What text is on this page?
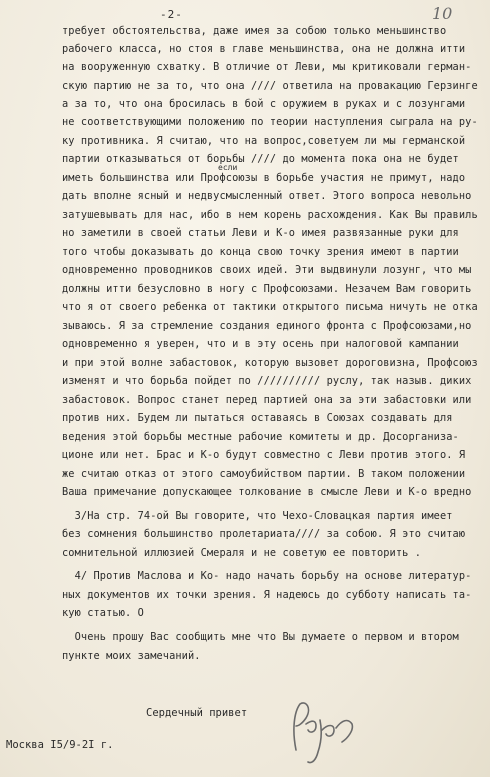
-2-	10
если
требует обстоятельства, даже имея за собою только меньшинство
рабочего класса, но стоя в главе меньшинства, она не должна итти
на вооруженную схватку. В отличие от Леви, мы критиковали герман-
скую партию не за то, что она //// ответила на провакацию Герзинге
а за то, что она бросилась в бой с оружием в руках и с лозунгами
не соответствующими положению по теории наступления сыграла на ру-
ку противника. Я считаю, что на вопрос,советуем ли мы германской
партии отказываться от борьбы //// до момента пока она не будет
иметь большинства или Профсоюзы в борьбе участия не примут, надо
дать вполне ясный и недвусмысленный ответ. Этого вопроса невольно
затушевывать для нас, ибо в нем корень расхождения. Как Вы правиль
но заметили в своей статьи Леви и К-о имея развязанные руки для
того чтобы доказывать до конца свою точку зрения имеют в партии
одновременно проводников своих идей. Эти выдвинули лозунг, что мы
должны итти безусловно в ногу с Профсоюзами. Незачем Вам говорить
что я от своего ребенка от тактики открытого письма ничуть не отка
зываюсь. Я за стремление создания единого фронта с Профсоюзами,но
одновременно я уверен, что и в эту осень при налоговой кампании
и при этой волне забастовок, которую вызовет дороговизна, Профсоюз
изменят и что борьба пойдет по ////////// руслу, так назыв. диких
забастовок. Вопрос станет перед партией она за эти забастовки или
против них. Будем ли пытаться оставаясь в Союзах создавать для
ведения этой борьбы местные рабочие комитеты и др. Досорганиза-
ционе или нет. Брас и К-о будут совместно с Леви против этого. Я
же считаю отказ от этого самоубийством партии. В таком положении
Ваша примечание допускающее толкование в смысле Леви и К-о вредно
3/На стр. 74-ой Вы говорите, что Чехо-Словацкая партия имеет
без сомнения большинство пролетариата//// за собою. Я это считаю
сомнительной иллюзией Смераля и не советую ее повторить .
4/ Против Маслова и Ко- надо начать борьбу на основе литератур-
ных документов их точки зрения. Я надеюсь до субботу написать та-
кую статью. О
Очень прошу Вас сообщить мне что Вы думаете о первом и втором
пункте моих замечаний.
Сердечный привет
Москва I5/9-2I г.
